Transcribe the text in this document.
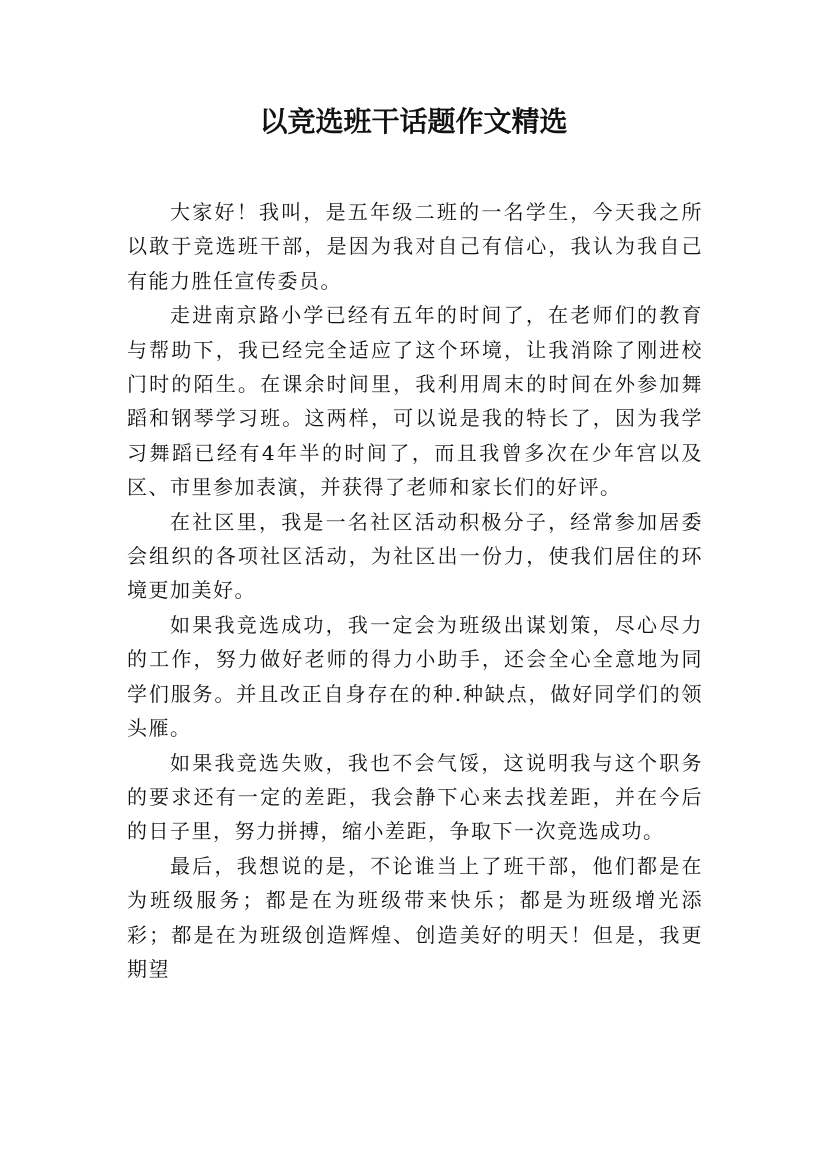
以竞选班干话题作文精选

大家好！我叫，是五年级二班的一名学生，今天我之所以敢于竞选班干部，是因为我对自己有信心，我认为我自己有能力胜任宣传委员。

走进南京路小学已经有五年的时间了，在老师们的教育与帮助下，我已经完全适应了这个环境，让我消除了刚进校门时的陌生。在课余时间里，我利用周末的时间在外参加舞蹈和钢琴学习班。这两样，可以说是我的特长了，因为我学习舞蹈已经有4年半的时间了，而且我曾多次在少年宫以及区、市里参加表演，并获得了老师和家长们的好评。

在社区里，我是一名社区活动积极分子，经常参加居委会组织的各项社区活动，为社区出一份力，使我们居住的环境更加美好。

如果我竞选成功，我一定会为班级出谋划策，尽心尽力的工作，努力做好老师的得力小助手，还会全心全意地为同学们服务。并且改正自身存在的种.种缺点，做好同学们的领头雁。

如果我竞选失败，我也不会气馁，这说明我与这个职务的要求还有一定的差距，我会静下心来去找差距，并在今后的日子里，努力拼搏，缩小差距，争取下一次竞选成功。

最后，我想说的是，不论谁当上了班干部，他们都是在为班级服务；都是在为班级带来快乐；都是为班级增光添彩；都是在为班级创造辉煌、创造美好的明天！但是，我更期望
